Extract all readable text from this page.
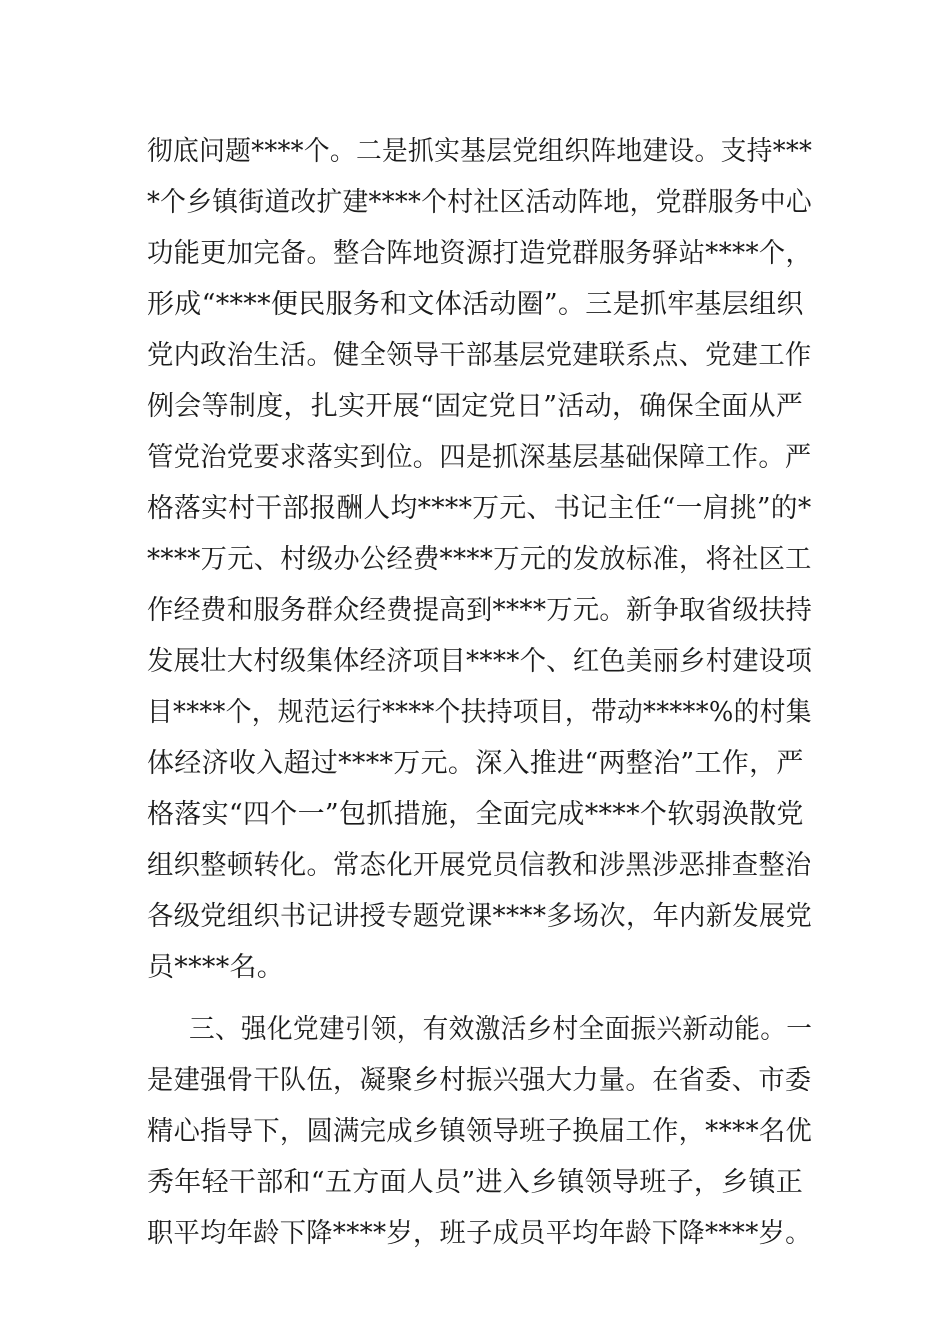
彻底问题****个。二是抓实基层党组织阵地建设。支持***
*个乡镇街道改扩建****个村社区活动阵地，党群服务中心
功能更加完备。整合阵地资源打造党群服务驿站****个，
形成“****便民服务和文体活动圈”。三是抓牢基层组织
党内政治生活。健全领导干部基层党建联系点、党建工作
例会等制度，扎实开展“固定党日”活动，确保全面从严
管党治党要求落实到位。四是抓深基层基础保障工作。严
格落实村干部报酬人均****万元、书记主任“一肩挑”的*
****万元、村级办公经费****万元的发放标准，将社区工
作经费和服务群众经费提高到****万元。新争取省级扶持
发展壮大村级集体经济项目****个、红色美丽乡村建设项
目****个，规范运行****个扶持项目，带动*****%的村集
体经济收入超过****万元。深入推进“两整治”工作，严
格落实“四个一”包抓措施，全面完成****个软弱涣散党
组织整顿转化。常态化开展党员信教和涉黑涉恶排查整治
各级党组织书记讲授专题党课****多场次，年内新发展党
员****名。
三、强化党建引领，有效激活乡村全面振兴新动能。一
是建强骨干队伍，凝聚乡村振兴强大力量。在省委、市委
精心指导下，圆满完成乡镇领导班子换届工作，****名优
秀年轻干部和“五方面人员”进入乡镇领导班子，乡镇正
职平均年龄下降****岁，班子成员平均年龄下降****岁。
